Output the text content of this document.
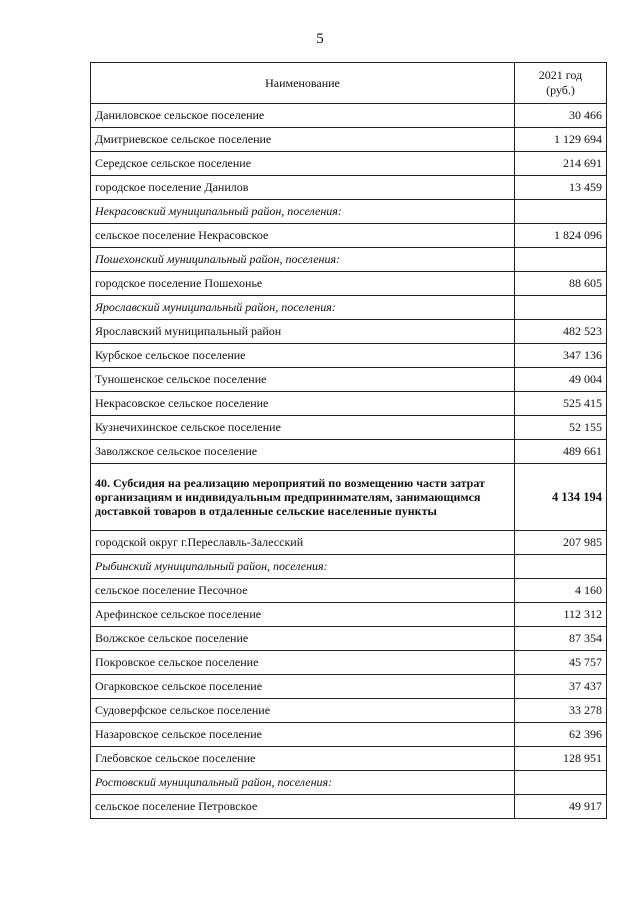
5
Наименование	2021 год
(руб.)
Даниловское сельское поселение	30 466
Дмитриевское сельское поселение	1 129 694
Середское сельское поселение	214 691
городское поселение Данилов	13 459
Некрасовский муниципальный район, поселения:	
сельское поселение Некрасовское	1 824 096
Пошехонский муниципальный район, поселения:	
городское поселение Пошехонье	88 605
Ярославский муниципальный район, поселения:	
Ярославский муниципальный район	482 523
Курбское сельское поселение	347 136
Туношенское сельское поселение	49 004
Некрасовское сельское поселение	525 415
Кузнечихинское сельское поселение	52 155
Заволжское сельское поселение	489 661
40. Субсидия на реализацию мероприятий по возмещению части затрат организациям и индивидуальным предпринимателям, занимающимся доставкой товаров в отдаленные сельские населенные пункты	4 134 194
городской округ г.Переславль-Залесский	207 985
Рыбинский муниципальный район, поселения:	
сельское поселение Песочное	4 160
Арефинское сельское поселение	112 312
Волжское сельское поселение	87 354
Покровское сельское поселение	45 757
Огарковское сельское поселение	37 437
Судоверфское сельское поселение	33 278
Назаровское сельское поселение	62 396
Глебовское сельское поселение	128 951
Ростовский муниципальный район, поселения:	
сельское поселение Петровское	49 917
